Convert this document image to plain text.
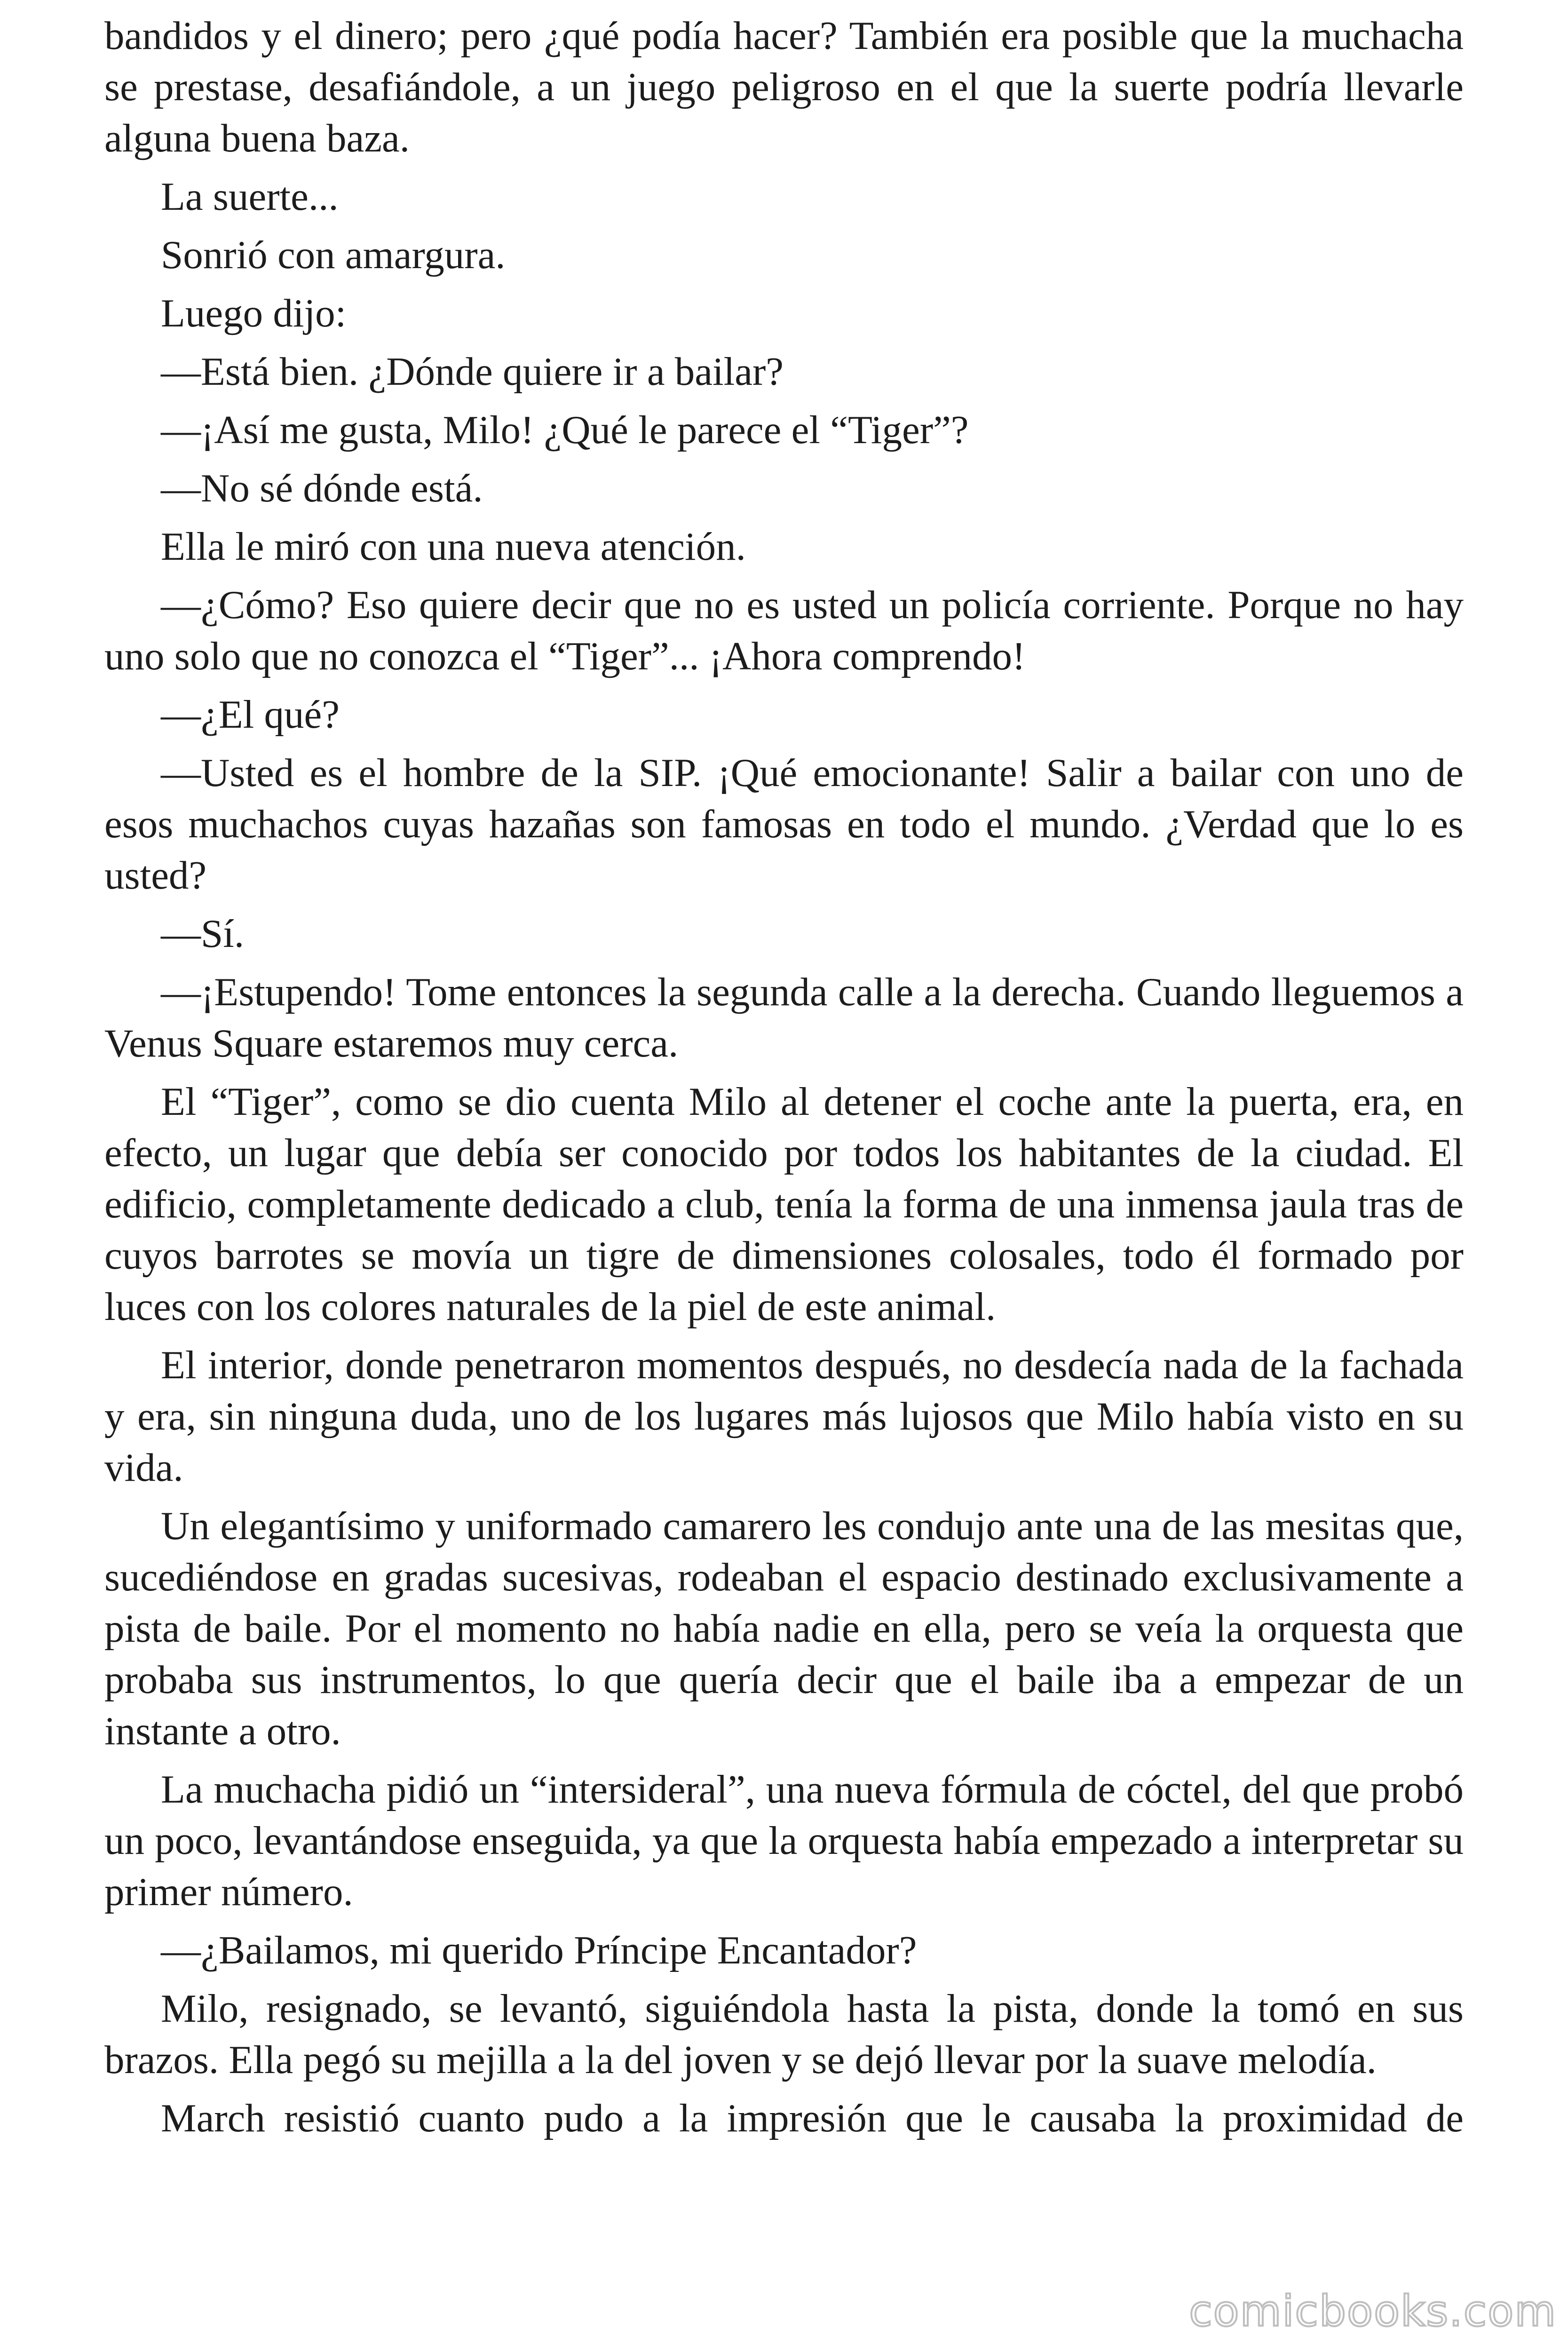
bandidos y el dinero; pero ¿qué podía hacer? También era posible que la muchacha se prestase, desafiándole, a un juego peligroso en el que la suerte podría llevarle alguna buena baza.

La suerte...

Sonrió con amargura.

Luego dijo:

—Está bien. ¿Dónde quiere ir a bailar?

—¡Así me gusta, Milo! ¿Qué le parece el “Tiger”?

—No sé dónde está.

Ella le miró con una nueva atención.

—¿Cómo? Eso quiere decir que no es usted un policía corriente. Porque no hay uno solo que no conozca el “Tiger”... ¡Ahora comprendo!

—¿El qué?

—Usted es el hombre de la SIP. ¡Qué emocionante! Salir a bailar con uno de esos muchachos cuyas hazañas son famosas en todo el mundo. ¿Verdad que lo es usted?

—Sí.

—¡Estupendo! Tome entonces la segunda calle a la derecha. Cuando lleguemos a Venus Square estaremos muy cerca.

El “Tiger”, como se dio cuenta Milo al detener el coche ante la puerta, era, en efecto, un lugar que debía ser conocido por todos los habitantes de la ciudad. El edificio, completamente dedicado a club, tenía la forma de una inmensa jaula tras de cuyos barrotes se movía un tigre de dimensiones colosales, todo él formado por luces con los colores naturales de la piel de este animal.

El interior, donde penetraron momentos después, no desdecía nada de la fachada y era, sin ninguna duda, uno de los lugares más lujosos que Milo había visto en su vida.

Un elegantísimo y uniformado camarero les condujo ante una de las mesitas que, sucediéndose en gradas sucesivas, rodeaban el espacio destinado exclusivamente a pista de baile. Por el momento no había nadie en ella, pero se veía la orquesta que probaba sus instrumentos, lo que quería decir que el baile iba a empezar de un instante a otro.

La muchacha pidió un “intersideral”, una nueva fórmula de cóctel, del que probó un poco, levantándose enseguida, ya que la orquesta había empezado a interpretar su primer número.

—¿Bailamos, mi querido Príncipe Encantador?

Milo, resignado, se levantó, siguiéndola hasta la pista, donde la tomó en sus brazos. Ella pegó su mejilla a la del joven y se dejó llevar por la suave melodía.

March resistió cuanto pudo a la impresión que le causaba la proximidad de

comicbooks.com
